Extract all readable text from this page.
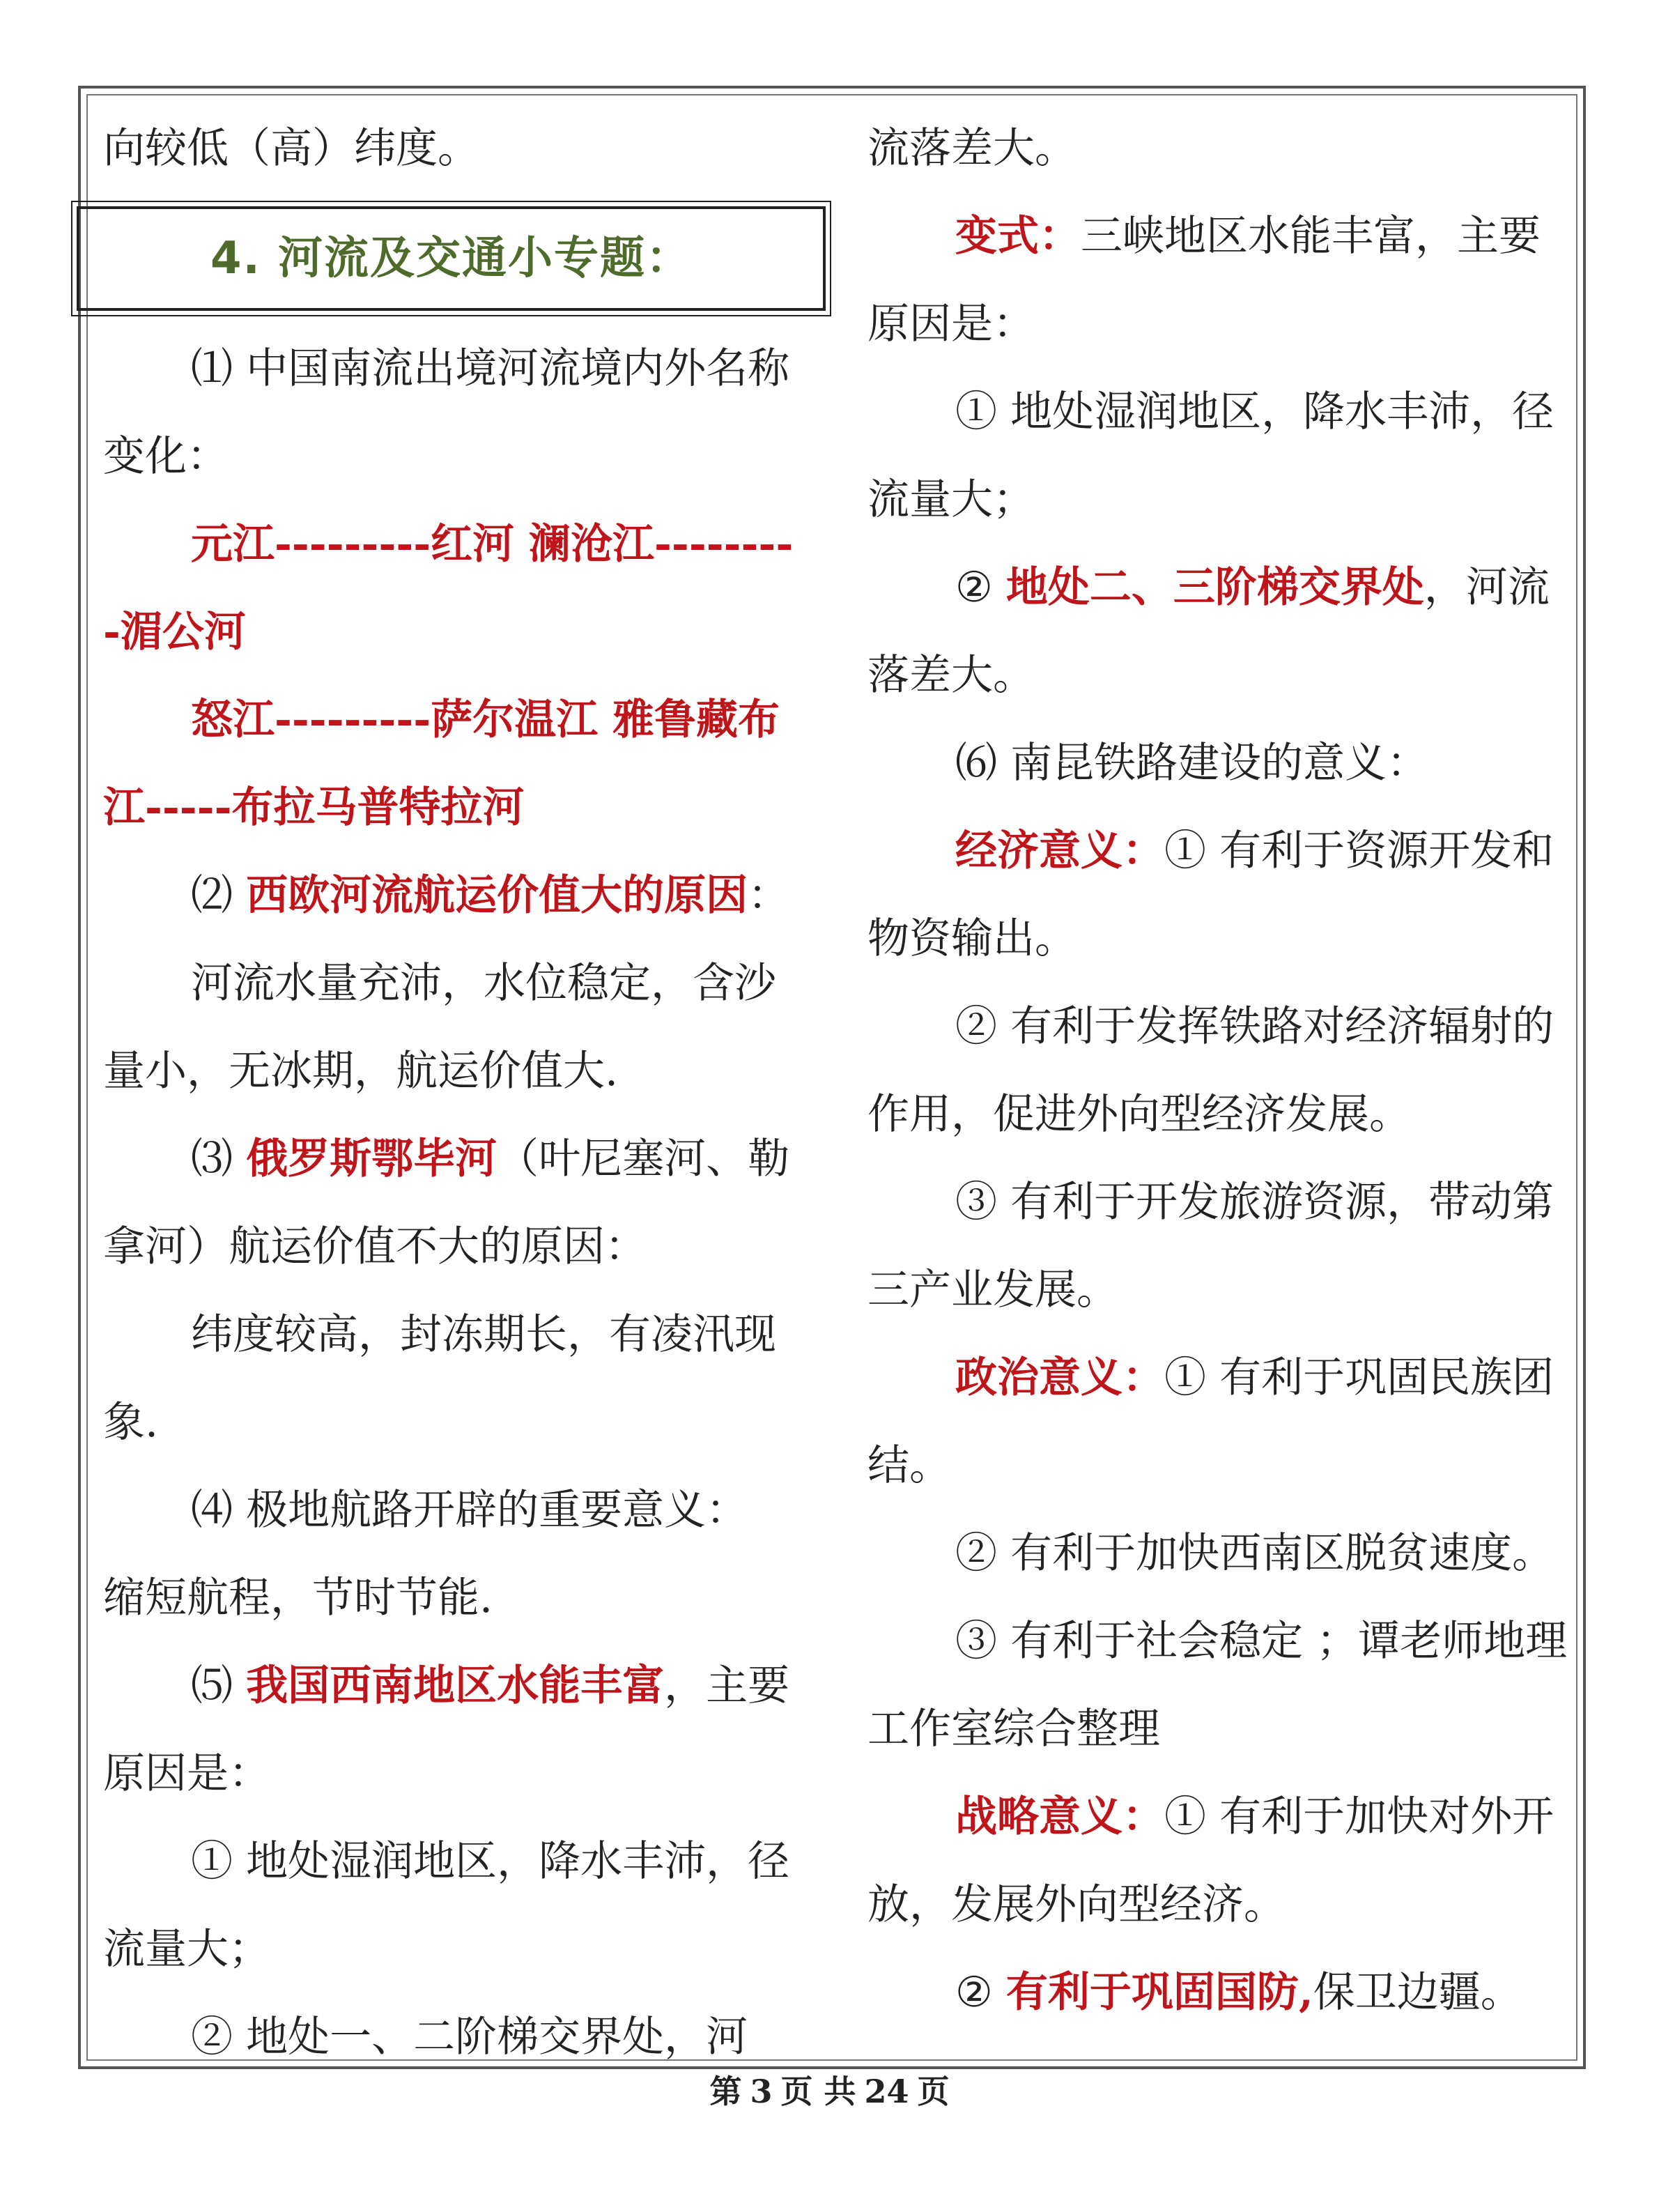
向较低（高）纬度。

4. 河流及交通小专题：

⑴ 中国南流出境河流境内外名称变化：

元江---------红河 澜沧江---------湄公河

怒江---------萨尔温江 雅鲁藏布江-----布拉马普特拉河

⑵ 西欧河流航运价值大的原因：

河流水量充沛，水位稳定，含沙量小，无冰期，航运价值大.

⑶ 俄罗斯鄂毕河（叶尼塞河、勒拿河）航运价值不大的原因：

纬度较高，封冻期长，有凌汛现象.

⑷ 极地航路开辟的重要意义：

缩短航程，节时节能.

⑸ 我国西南地区水能丰富，主要原因是：

① 地处湿润地区，降水丰沛，径流量大；

② 地处一、二阶梯交界处，河

流落差大。

变式：三峡地区水能丰富，主要原因是：

① 地处湿润地区，降水丰沛，径流量大；

② 地处二、三阶梯交界处，河流落差大。

⑹ 南昆铁路建设的意义：

经济意义：① 有利于资源开发和物资输出。

② 有利于发挥铁路对经济辐射的作用，促进外向型经济发展。

③ 有利于开发旅游资源，带动第三产业发展。

政治意义：① 有利于巩固民族团结。

② 有利于加快西南区脱贫速度。

③ 有利于社会稳定 ；谭老师地理工作室综合整理

战略意义：① 有利于加快对外开放，发展外向型经济。

② 有利于巩固国防,保卫边疆。

第 3 页 共 24 页
